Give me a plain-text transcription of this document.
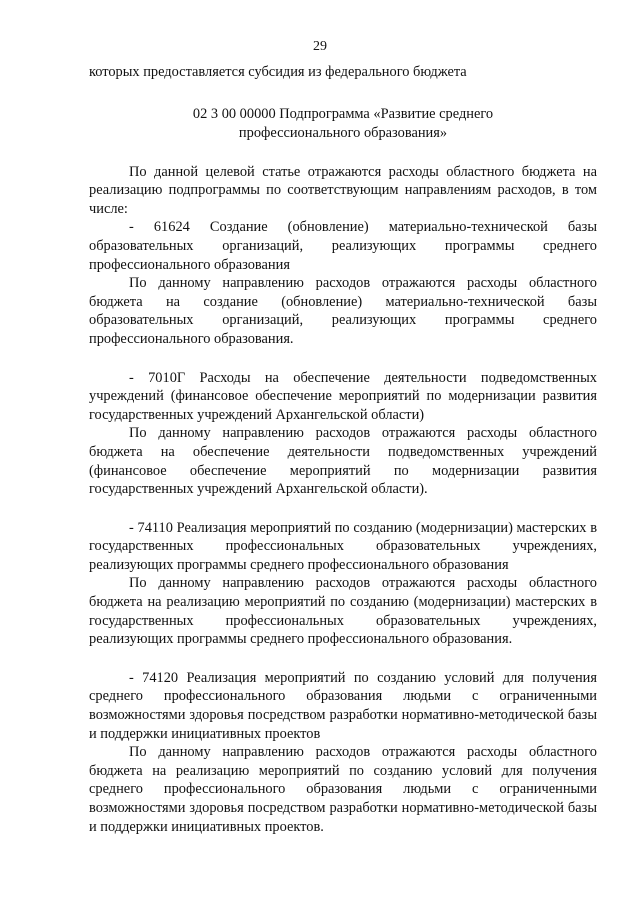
29

которых предоставляется субсидия из федерального бюджета

02 3 00 00000 Подпрограмма «Развитие среднего
профессионального образования»

По данной целевой статье отражаются расходы областного бюджета на реализацию подпрограммы по соответствующим направлениям расходов, в том числе:

- 61624 Создание (обновление) материально-технической базы образовательных организаций, реализующих программы среднего профессионального образования

По данному направлению расходов отражаются расходы областного бюджета на создание (обновление) материально-технической базы образовательных организаций, реализующих программы среднего профессионального образования.

- 7010Г Расходы на обеспечение деятельности подведомственных учреждений (финансовое обеспечение мероприятий по модернизации развития государственных учреждений Архангельской области)

По данному направлению расходов отражаются расходы областного бюджета на обеспечение деятельности подведомственных учреждений (финансовое обеспечение мероприятий по модернизации развития государственных учреждений Архангельской области).

- 74110 Реализация мероприятий по созданию (модернизации) мастерских в государственных профессиональных образовательных учреждениях, реализующих программы среднего профессионального образования

По данному направлению расходов отражаются расходы областного бюджета на реализацию мероприятий по созданию (модернизации) мастерских в государственных профессиональных образовательных учреждениях, реализующих программы среднего профессионального образования.

- 74120 Реализация мероприятий по созданию условий для получения среднего профессионального образования людьми с ограниченными возможностями здоровья посредством разработки нормативно-методической базы и поддержки инициативных проектов

По данному направлению расходов отражаются расходы областного бюджета на реализацию мероприятий по созданию условий для получения среднего профессионального образования людьми с ограниченными возможностями здоровья посредством разработки нормативно-методической базы и поддержки инициативных проектов.
